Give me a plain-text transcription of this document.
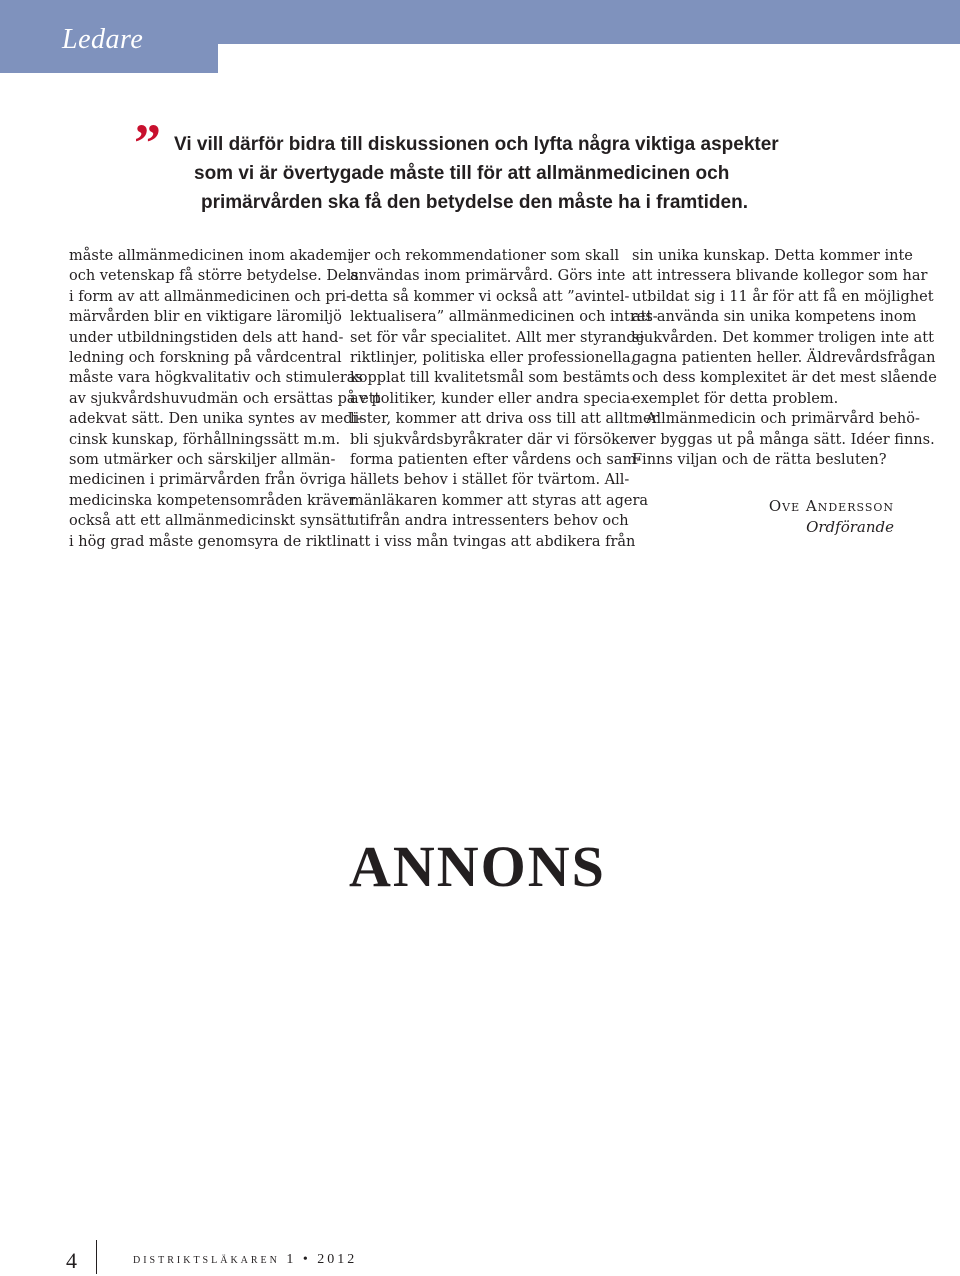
Ledare
” Vi vill därför bidra till diskussionen och lyfta några viktiga aspekter
som vi är övertygade måste till för att allmänmedicinen och
primärvården ska få den betydelse den måste ha i framtiden.

måste allmänmedicinen inom akademi
och vetenskap få större betydelse. Dels
i form av att allmänmedicinen och pri-
märvården blir en viktigare läromiljö
under utbildningstiden dels att hand-
ledning och forskning på vårdcentral
måste vara högkvalitativ och stimuleras
av sjukvårdshuvudmän och ersättas på ett
adekvat sätt. Den unika syntes av medi-
cinsk kunskap, förhållningssätt m.m.
som utmärker och särskiljer allmän-
medicinen i primärvården från övriga
medicinska kompetensområden kräver
också att ett allmänmedicinskt synsätt
i hög grad måste genomsyra de riktlin-
jer och rekommendationer som skall
användas inom primärvård. Görs inte
detta så kommer vi också att ”avintel-
lektualisera” allmänmedicinen och intres-
set för vår specialitet. Allt mer styrande
riktlinjer, politiska eller professionella,
kopplat till kvalitetsmål som bestämts
av politiker, kunder eller andra specia-
lister, kommer att driva oss till att alltmer
bli sjukvårdsbyråkrater där vi försöker
forma patienten efter vårdens och sam-
hällets behov i stället för tvärtom. All-
mänläkaren kommer att styras att agera
utifrån andra intressenters behov och
att i viss mån tvingas att abdikera från
sin unika kunskap. Detta kommer inte
att intressera blivande kollegor som har
utbildat sig i 11 år för att få en möjlighet
att använda sin unika kompetens inom
sjukvården. Det kommer troligen inte att
gagna patienten heller. Äldrevårdsfrågan
och dess komplexitet är det mest slående
exemplet för detta problem.
Allmänmedicin och primärvård behö-
ver byggas ut på många sätt. Idéer finns.
Finns viljan och de rätta besluten?
Ove Andersson
Ordförande
ANNONS
4	distriktsläkaren 1 • 2012
